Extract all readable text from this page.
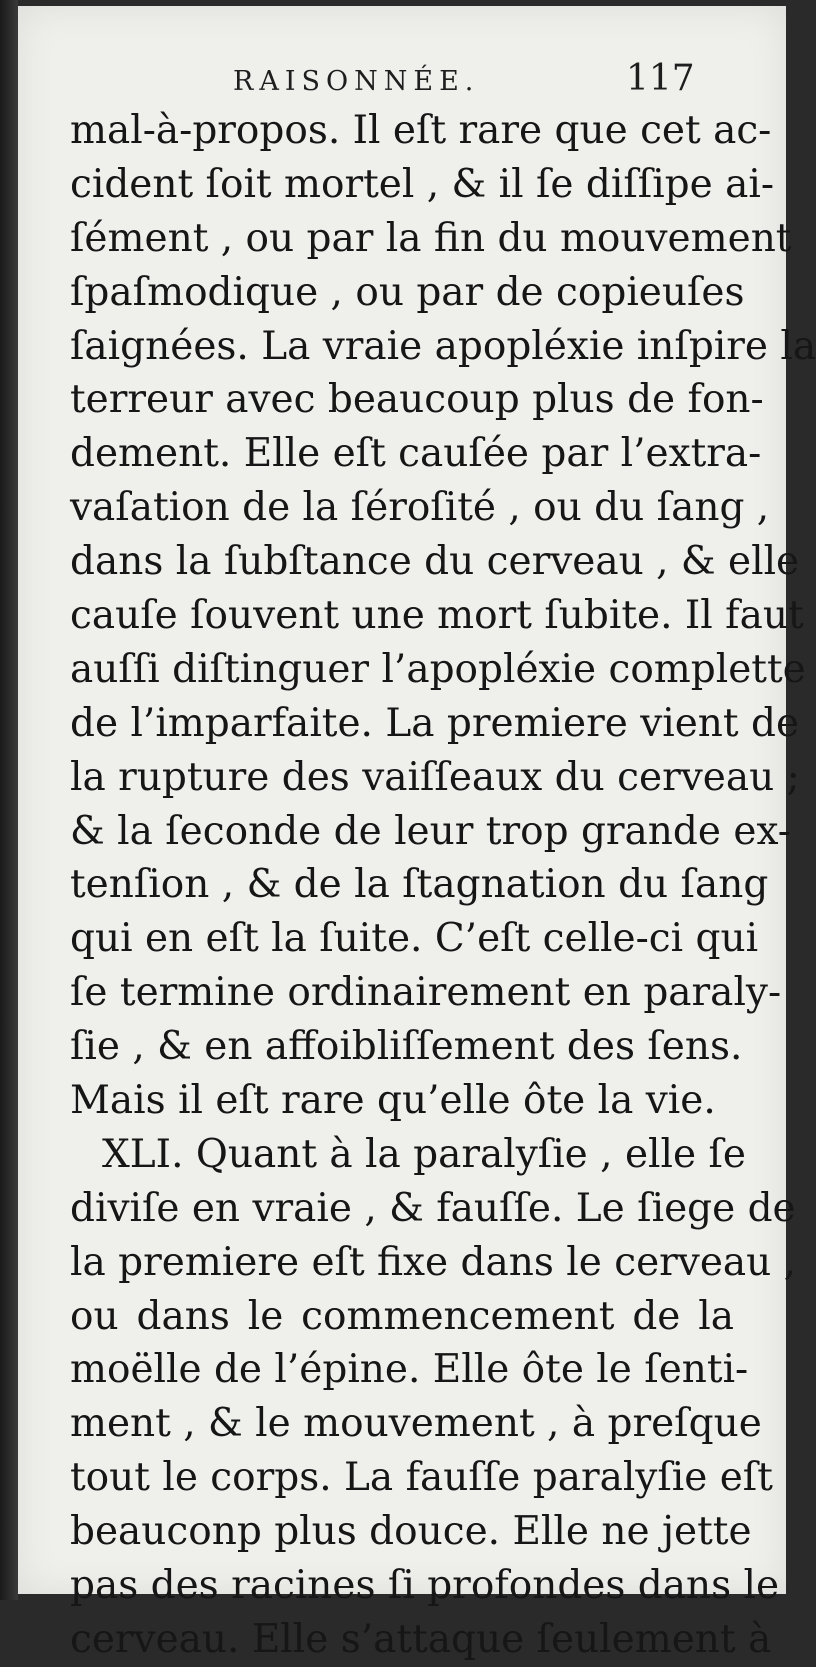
RAISONNÉE.	117
mal-à-propos. Il eſt rare que cet ac-
cident ſoit mortel , & il ſe diſſipe ai-
ſément , ou par la fin du mouvement
ſpaſmodique , ou par de copieuſes
ſaignées. La vraie apopléxie inſpire la
terreur avec beaucoup plus de fon-
dement. Elle eſt cauſée par l’extra-
vaſation de la ſéroſité , ou du ſang ,
dans la ſubſtance du cerveau , & elle
cauſe ſouvent une mort ſubite. Il faut
auſſi diſtinguer l’apopléxie complette
de l’imparfaite. La premiere vient de
la rupture des vaiſſeaux du cerveau ;
& la ſeconde de leur trop grande ex-
tenſion , & de la ſtagnation du ſang
qui en eſt la ſuite. C’eſt celle-ci qui
ſe termine ordinairement en paraly-
ſie , & en affoibliſſement des ſens.
Mais il eſt rare qu’elle ôte la vie.
XLI. Quant à la paralyſie , elle ſe
diviſe en vraie , & fauſſe. Le ſiege de
la premiere eſt fixe dans le cerveau ,
ou dans le commencement de la
moëlle de l’épine. Elle ôte le ſenti-
ment , & le mouvement , à preſque
tout le corps. La fauſſe paralyſie eſt
beauconp plus douce. Elle ne jette
pas des racines ſi profondes dans le
cerveau. Elle s’attaque ſeulement à
